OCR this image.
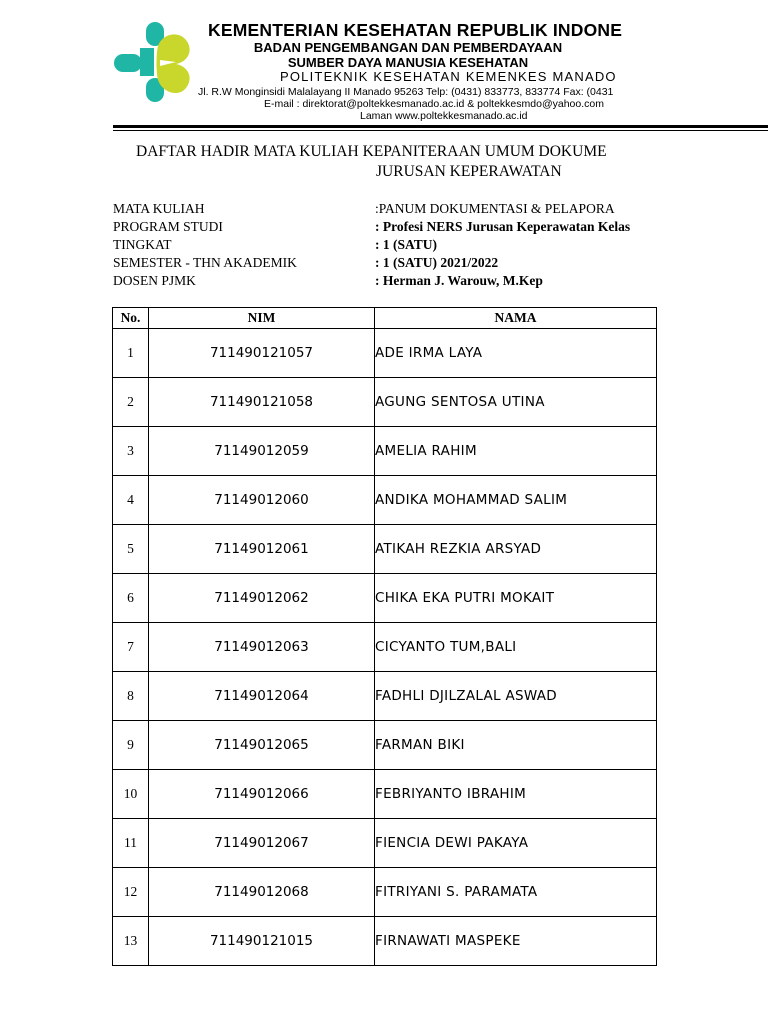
KEMENTERIAN KESEHATAN REPUBLIK INDONE
BADAN PENGEMBANGAN DAN PEMBERDAYAAN
SUMBER DAYA MANUSIA KESEHATAN
POLITEKNIK KESEHATAN KEMENKES MANADO
Jl. R.W Monginsidi Malalayang II Manado 95263 Telp: (0431) 833773, 833774 Fax: (0431
E-mail : direktorat@poltekkesmanado.ac.id & poltekkesmdo@yahoo.com
Laman www.poltekkesmanado.ac.id
DAFTAR HADIR MATA KULIAH KEPANITERAAN UMUM DOKUME
JURUSAN KEPERAWATAN
MATA KULIAH	:PANUM DOKUMENTASI & PELAPORA
PROGRAM STUDI	: Profesi NERS Jurusan Keperawatan Kelas
TINGKAT	: 1 (SATU)
SEMESTER - THN AKADEMIK	: 1 (SATU) 2021/2022
DOSEN PJMK	: Herman J. Warouw, M.Kep
No.	NIM	NAMA
1	711490121057	ADE IRMA LAYA
2	711490121058	AGUNG SENTOSA UTINA
3	71149012059	AMELIA RAHIM
4	71149012060	ANDIKA MOHAMMAD SALIM
5	71149012061	ATIKAH REZKIA ARSYAD
6	71149012062	CHIKA EKA PUTRI MOKAIT
7	71149012063	CICYANTO TUM,BALI
8	71149012064	FADHLI DJILZALAL ASWAD
9	71149012065	FARMAN BIKI
10	71149012066	FEBRIYANTO IBRAHIM
11	71149012067	FIENCIA DEWI PAKAYA
12	71149012068	FITRIYANI S. PARAMATA
13	711490121015	FIRNAWATI MASPEKE
